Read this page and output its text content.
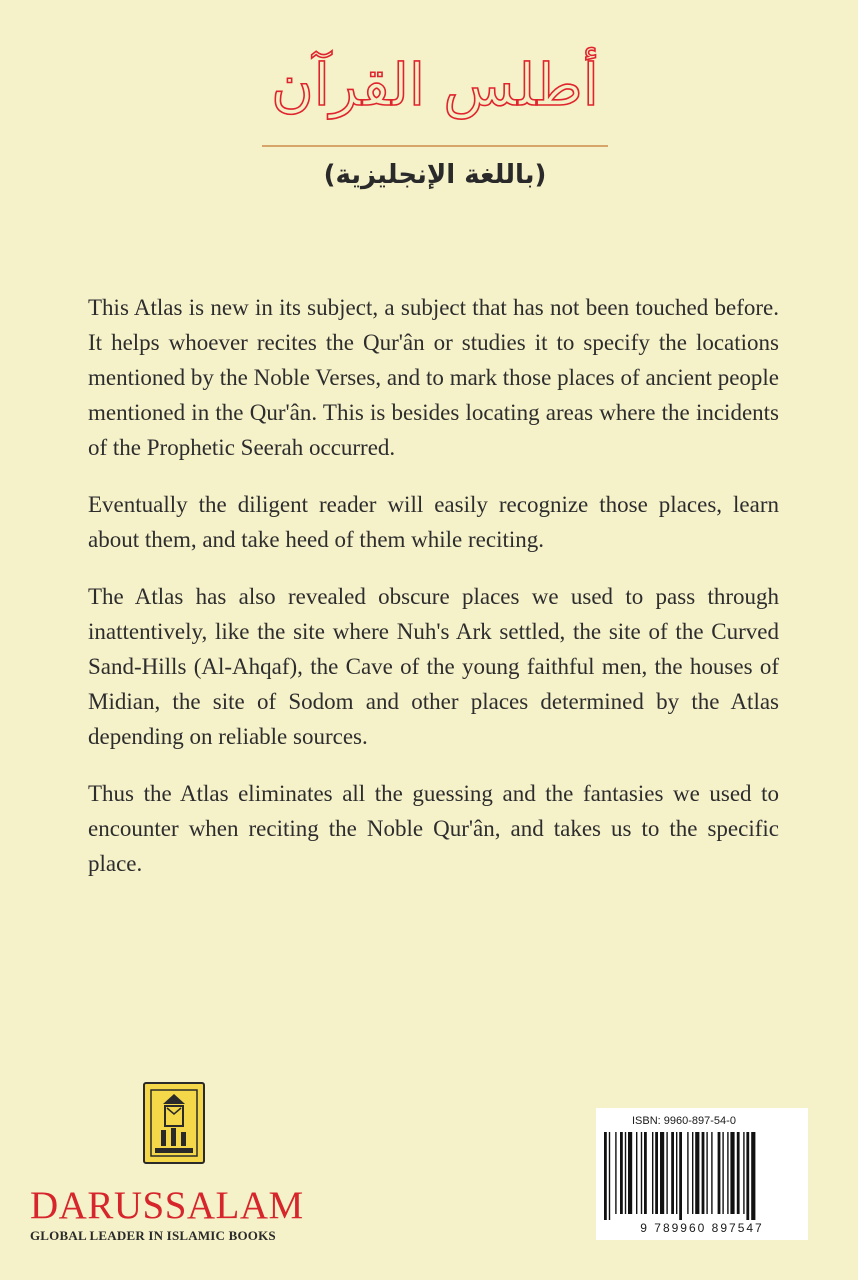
أطلس القرآن
(باللغة الإنجليزية)

This Atlas is new in its subject, a subject that has not been touched before. It helps whoever recites the Qur'ân or studies it to specify the locations mentioned by the Noble Verses, and to mark those places of ancient people mentioned in the Qur'ân. This is besides locating areas where the incidents of the Prophetic Seerah occurred.

Eventually the diligent reader will easily recognize those places, learn about them, and take heed of them while reciting.

The Atlas has also revealed obscure places we used to pass through inattentively, like the site where Nuh's Ark settled, the site of the Curved Sand-Hills (Al-Ahqaf), the Cave of the young faithful men, the houses of Midian, the site of Sodom and other places determined by the Atlas depending on reliable sources.

Thus the Atlas eliminates all the guessing and the fantasies we used to encounter when reciting the Noble Qur'ân, and takes us to the specific place.

DARUSSALAM
GLOBAL LEADER IN ISLAMIC BOOKS
ISBN: 9960-897-54-0
9 789960 897547
